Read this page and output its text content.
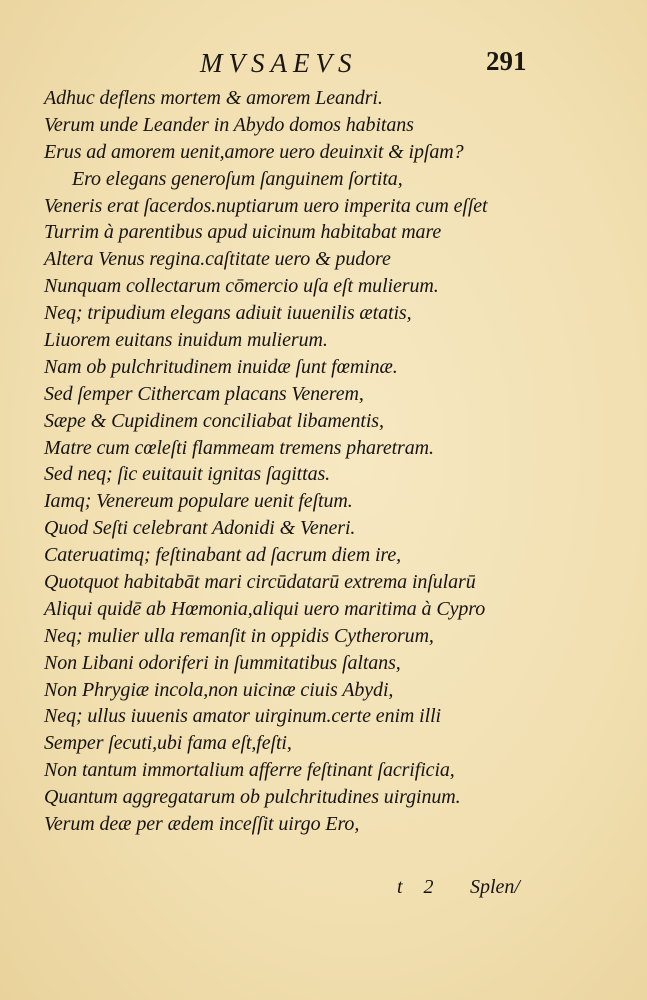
MVSAEVS	291
Adhuc deflens mortem & amorem Leandri.
Verum unde Leander in Abydo domos habitans
Erus ad amorem uenit,amore uero deuinxit & ipſam?
Ero elegans generoſum ſanguinem ſortita,
Veneris erat ſacerdos.nuptiarum uero imperita cum eſſet
Turrim à parentibus apud uicinum habitabat mare
Altera Venus regina.caſtitate uero & pudore
Nunquam collectarum cōmercio uſa eſt mulierum.
Neq; tripudium elegans adiuit iuuenilis ætatis,
Liuorem euitans inuidum mulierum.
Nam ob pulchritudinem inuidæ ſunt fœminæ.
Sed ſemper Cithercam placans Venerem,
Sæpe & Cupidinem conciliabat libamentis,
Matre cum cœleſti flammeam tremens pharetram.
Sed neq; ſic euitauit ignitas ſagittas.
Iamq; Venereum populare uenit feſtum.
Quod Seſti celebrant Adonidi & Veneri.
Cateruatimq; feſtinabant ad ſacrum diem ire,
Quotquot habitabāt mari circūdatarū extrema inſularū
Aliqui quidē ab Hœmonia,aliqui uero maritima à Cypro
Neq; mulier ulla remanſit in oppidis Cytherorum,
Non Libani odoriferi in ſummitatibus ſaltans,
Non Phrygiæ incola,non uicinæ ciuis Abydi,
Neq; ullus iuuenis amator uirginum.certe enim illi
Semper ſecuti,ubi fama eſt,feſti,
Non tantum immortalium afferre feſtinant ſacrificia,
Quantum aggregatarum ob pulchritudines uirginum.
Verum deæ per ædem inceſſit uirgo Ero,
t 2 Splen/
